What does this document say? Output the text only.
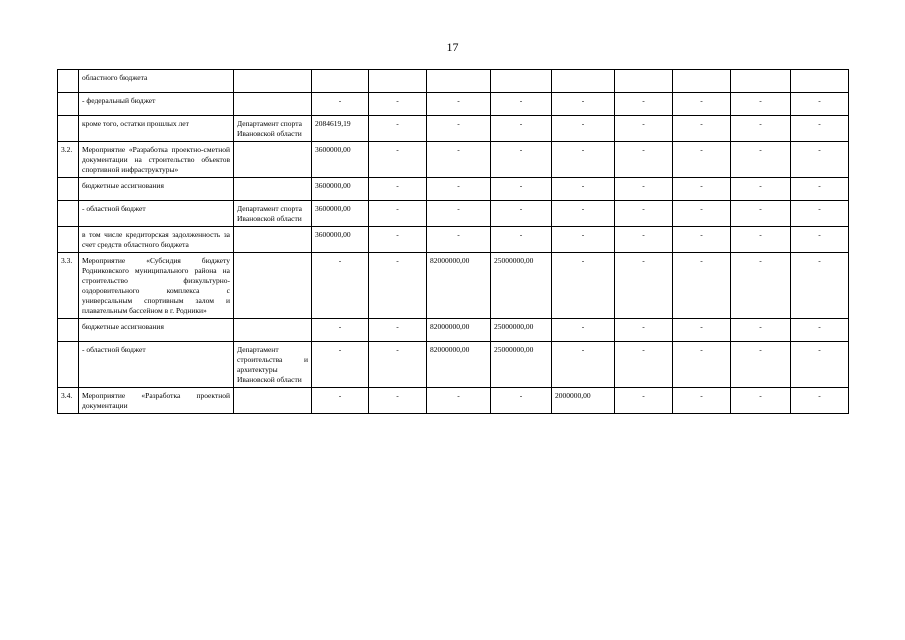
17
	областного бюджета										
	- федеральный бюджет		-	-	-	-	-	-	-	-	-
	кроме того, остатки прошлых лет	Департамент спорта Ивановской области	2084619,19	-	-	-	-	-	-	-	-
3.2.	Мероприятие «Разработка проектно-сметной документации на строительство объектов спортивной инфраструктуры»		3600000,00	-	-	-	-	-	-	-	-
	бюджетные ассигнования		3600000,00	-	-	-	-	-	-	-	-
	- областной бюджет	Департамент спорта Ивановской области	3600000,00	-	-	-	-	-	-	-	-
	в том числе кредиторская задолженность за счет средств областного бюджета		3600000,00	-	-	-	-	-	-	-	-
3.3.	Мероприятие «Субсидия бюджету Родниковского муниципального района на строительство физкультурно-оздоровительного комплекса с универсальным спортивным залом и плавательным бассейном в г. Родники»		-	-	82000000,00	25000000,00	-	-	-	-	-
	бюджетные ассигнования		-	-	82000000,00	25000000,00	-	-	-	-	-
	- областной бюджет	Департамент строительства и архитектуры Ивановской области	-	-	82000000,00	25000000,00	-	-	-	-	-
3.4.	Мероприятие «Разработка проектной документации		-	-	-	-	2000000,00	-	-	-	-
